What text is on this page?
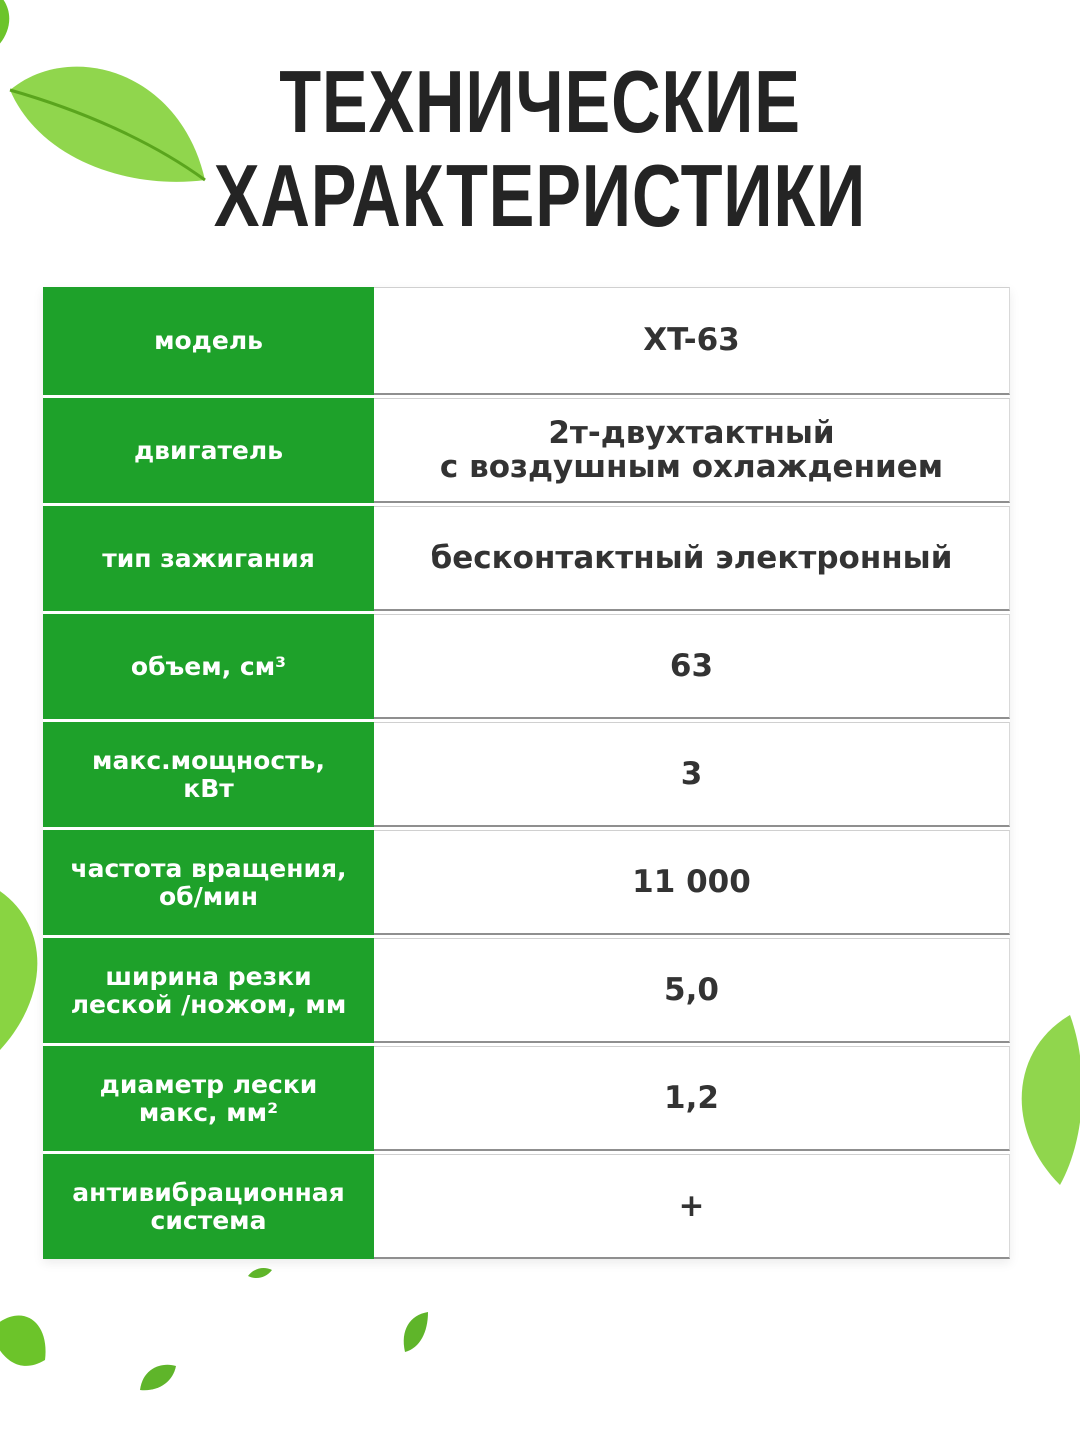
ТЕХНИЧЕСКИЕ
ХАРАКТЕРИСТИКИ
модель	XT-63
двигатель	2т-двухтактный
с воздушным охлаждением
тип зажигания	бесконтактный электронный
объем, см³	63
макс.мощность,
кВт	3
частота вращения,
об/мин	11 000
ширина резки
леской /ножом, мм	5,0
диаметр лески
макс, мм²	1,2
антивибрационная
система	+
